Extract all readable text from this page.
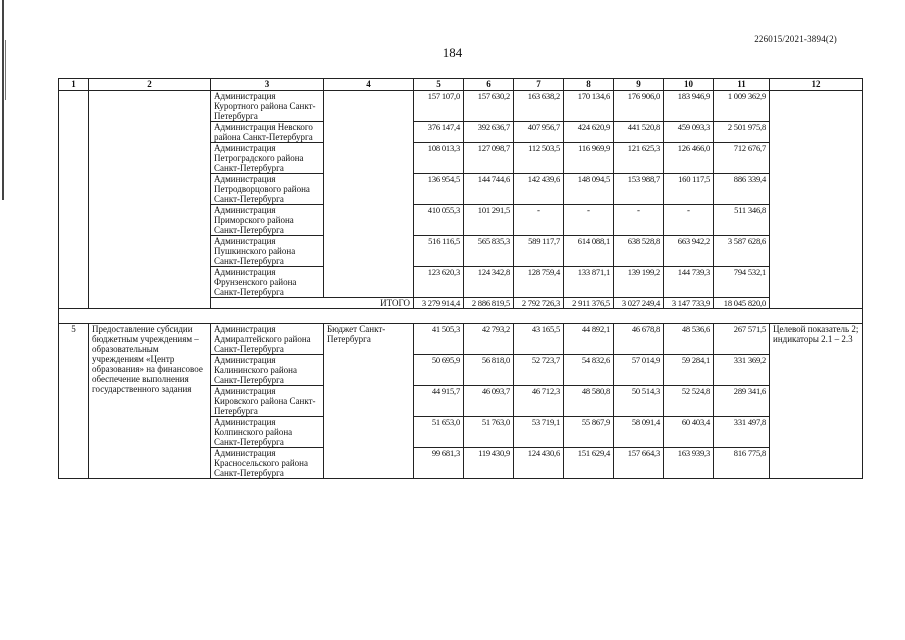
226015/2021-3894(2)
184
1	2	3	4	5	6	7	8	9	10	11	12
		Администрация Курортного района Санкт-Петербурга		157 107,0	157 630,2	163 638,2	170 134,6	176 906,0	183 946,9	1 009 362,9	
		Администрация Невского района Санкт-Петербурга		376 147,4	392 636,7	407 956,7	424 620,9	441 520,8	459 093,3	2 501 975,8	
		Администрация Петроградского района Санкт-Петербурга		108 013,3	127 098,7	112 503,5	116 969,9	121 625,3	126 466,0	712 676,7	
		Администрация Петродворцового района Санкт-Петербурга		136 954,5	144 744,6	142 439,6	148 094,5	153 988,7	160 117,5	886 339,4	
		Администрация Приморского района Санкт-Петербурга		410 055,3	101 291,5	-	-	-	-	511 346,8	
		Администрация Пушкинского района Санкт-Петербурга		516 116,5	565 835,3	589 117,7	614 088,1	638 528,8	663 942,2	3 587 628,6	
		Администрация Фрунзенского района Санкт-Петербурга		123 620,3	124 342,8	128 759,4	133 871,1	139 199,2	144 739,3	794 532,1	
		ИТОГО		3 279 914,4	2 886 819,5	2 792 726,3	2 911 376,5	3 027 249,4	3 147 733,9	18 045 820,0	

5	Предоставление субсидии бюджетным учреждениям – образовательным учреждениям «Центр образования» на финансовое обеспечение выполнения государственного задания	Администрация Адмиралтейского района Санкт-Петербурга	Бюджет Санкт-Петербурга	41 505,3	42 793,2	43 165,5	44 892,1	46 678,8	48 536,6	267 571,5	Целевой показатель 2; индикаторы 2.1 – 2.3
		Администрация Калининского района Санкт-Петербурга		50 695,9	56 818,0	52 723,7	54 832,6	57 014,9	59 284,1	331 369,2	
		Администрация Кировского района Санкт-Петербурга		44 915,7	46 093,7	46 712,3	48 580,8	50 514,3	52 524,8	289 341,6	
		Администрация Колпинского района Санкт-Петербурга		51 653,0	51 763,0	53 719,1	55 867,9	58 091,4	60 403,4	331 497,8	
		Администрация Красносельского района Санкт-Петербурга		99 681,3	119 430,9	124 430,6	151 629,4	157 664,3	163 939,3	816 775,8	
